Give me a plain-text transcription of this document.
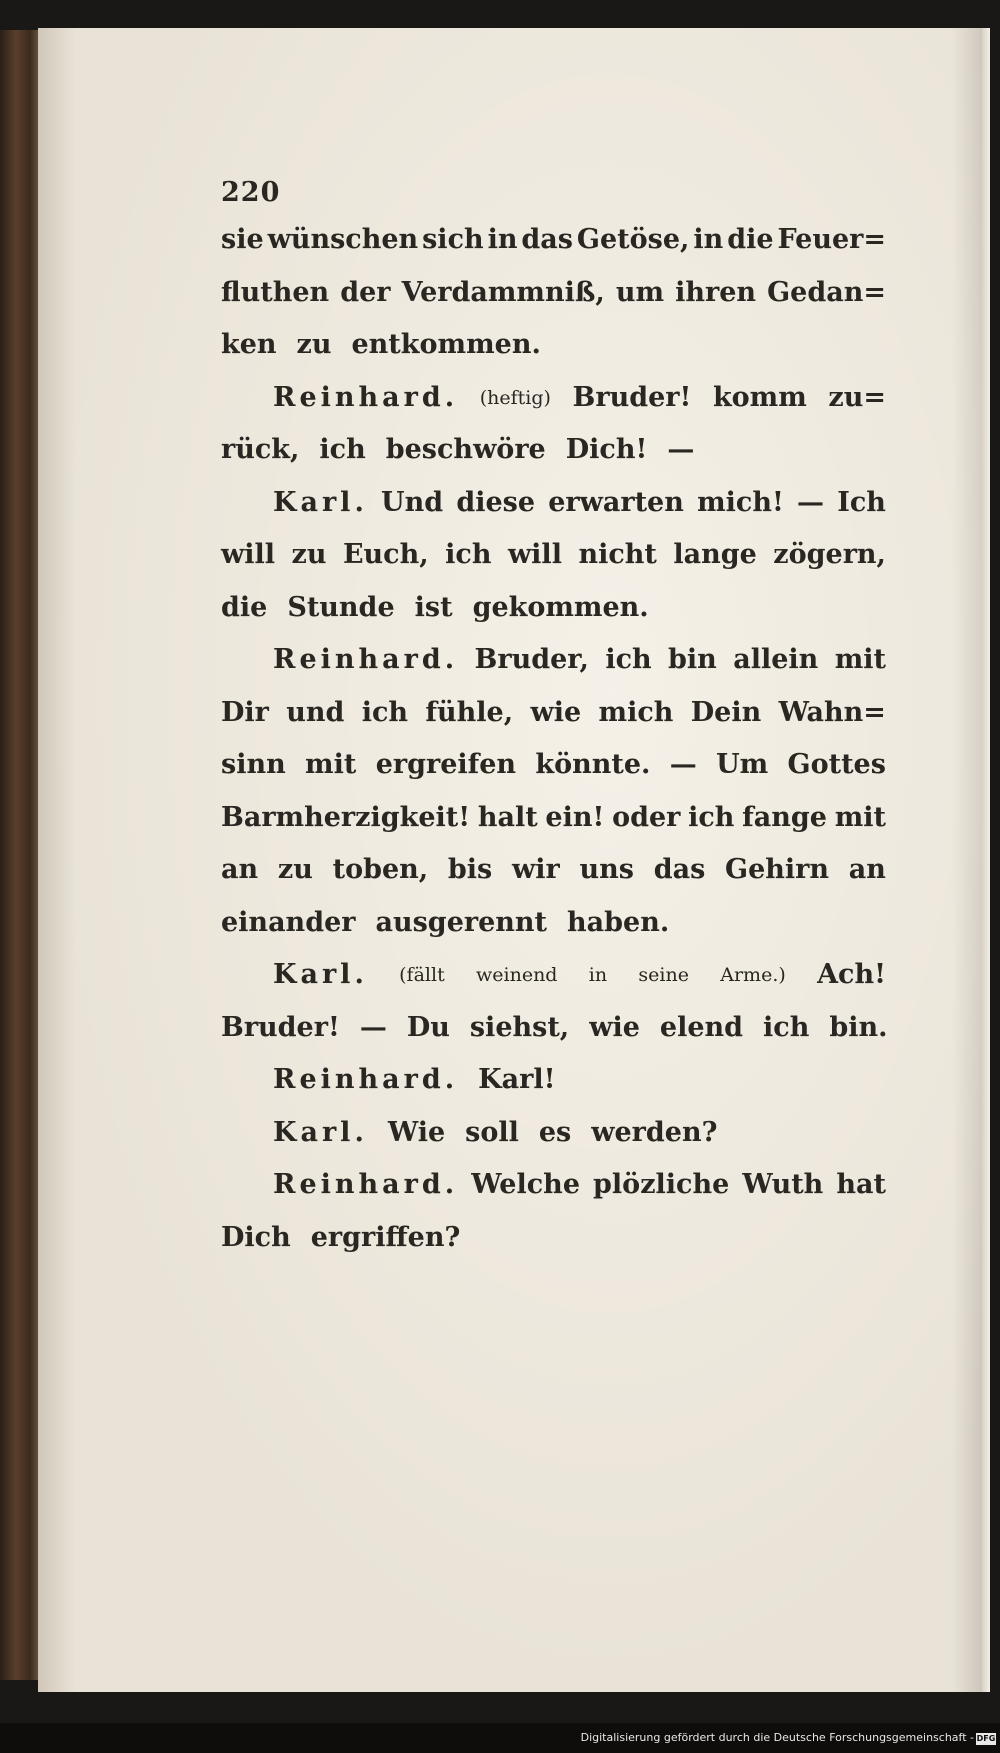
220
sie wünschen sich in das Getöse, in die Feuer=
fluthen der Verdammniß, um ihren Gedan=
ken zu entkommen.
Reinhard. (heftig) Bruder! komm zu=
rück, ich beschwöre Dich! —
Karl. Und diese erwarten mich! — Ich
will zu Euch, ich will nicht lange zögern,
die Stunde ist gekommen.
Reinhard. Bruder, ich bin allein mit
Dir und ich fühle, wie mich Dein Wahn=
sinn mit ergreifen könnte. — Um Gottes
Barmherzigkeit! halt ein! oder ich fange mit
an zu toben, bis wir uns das Gehirn an
einander ausgerennt haben.
Karl. (fällt weinend in seine Arme.) Ach!
Bruder! — Du siehst, wie elend ich bin.
Reinhard. Karl!
Karl. Wie soll es werden?
Reinhard. Welche plözliche Wuth hat
Dich ergriffen?
Digitalisierung gefördert durch die Deutsche Forschungsgemeinschaft - DFG
